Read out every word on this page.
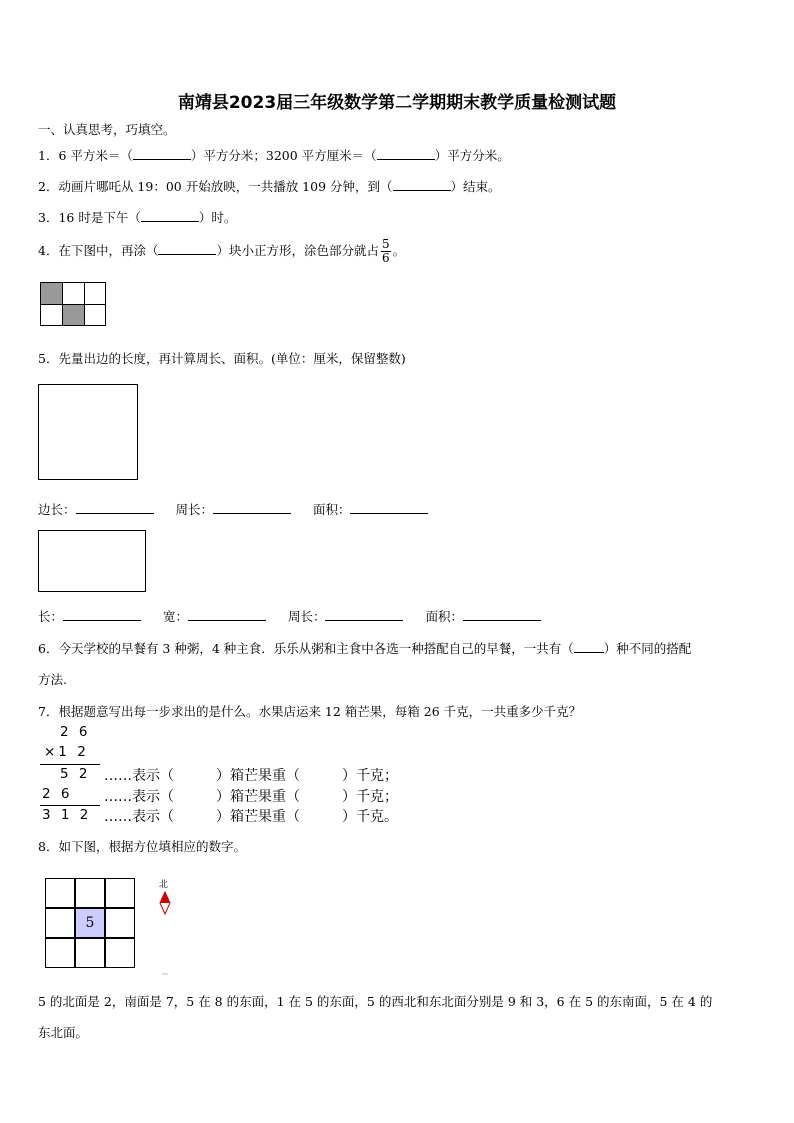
南靖县2023届三年级数学第二学期期末教学质量检测试题
一、认真思考，巧填空。
1．6 平方米＝（	）平方分米；3200 平方厘米＝（	）平方分米。
2．动画片哪吒从 19：00 开始放映，一共播放 109 分钟，到（	）结束。
3．16 时是下午（	）时。
4．在下图中，再涂（	）块小正方形，涂色部分就占 $\frac{5}{6}$ 。
5．先量出边的长度，再计算周长、面积。(单位：厘米，保留整数)
边长：	周长：	面积：
长：	宽：	周长：	面积：
6．今天学校的早餐有 3 种粥，4 种主食．乐乐从粥和主食中各选一种搭配自己的早餐，一共有（ ）种不同的搭配
方法.
7．根据题意写出每一步求出的是什么。水果店运来 12 箱芒果，每箱 26 千克，一共重多少千克？
2 6
×1 2
5 2
2 6
3 1 2
……表示（　　　）箱芒果重（　　　）千克；
……表示（　　　）箱芒果重（　　　）千克；
……表示（　　　）箱芒果重（　　　）千克。
8．如下图，根据方位填相应的数字。
5
北
5 的北面是 2，南面是 7，5 在 8 的东面，1 在 5 的东面，5 的西北和东北面分别是 9 和 3，6 在 5 的东南面，5 在 4 的
东北面。
